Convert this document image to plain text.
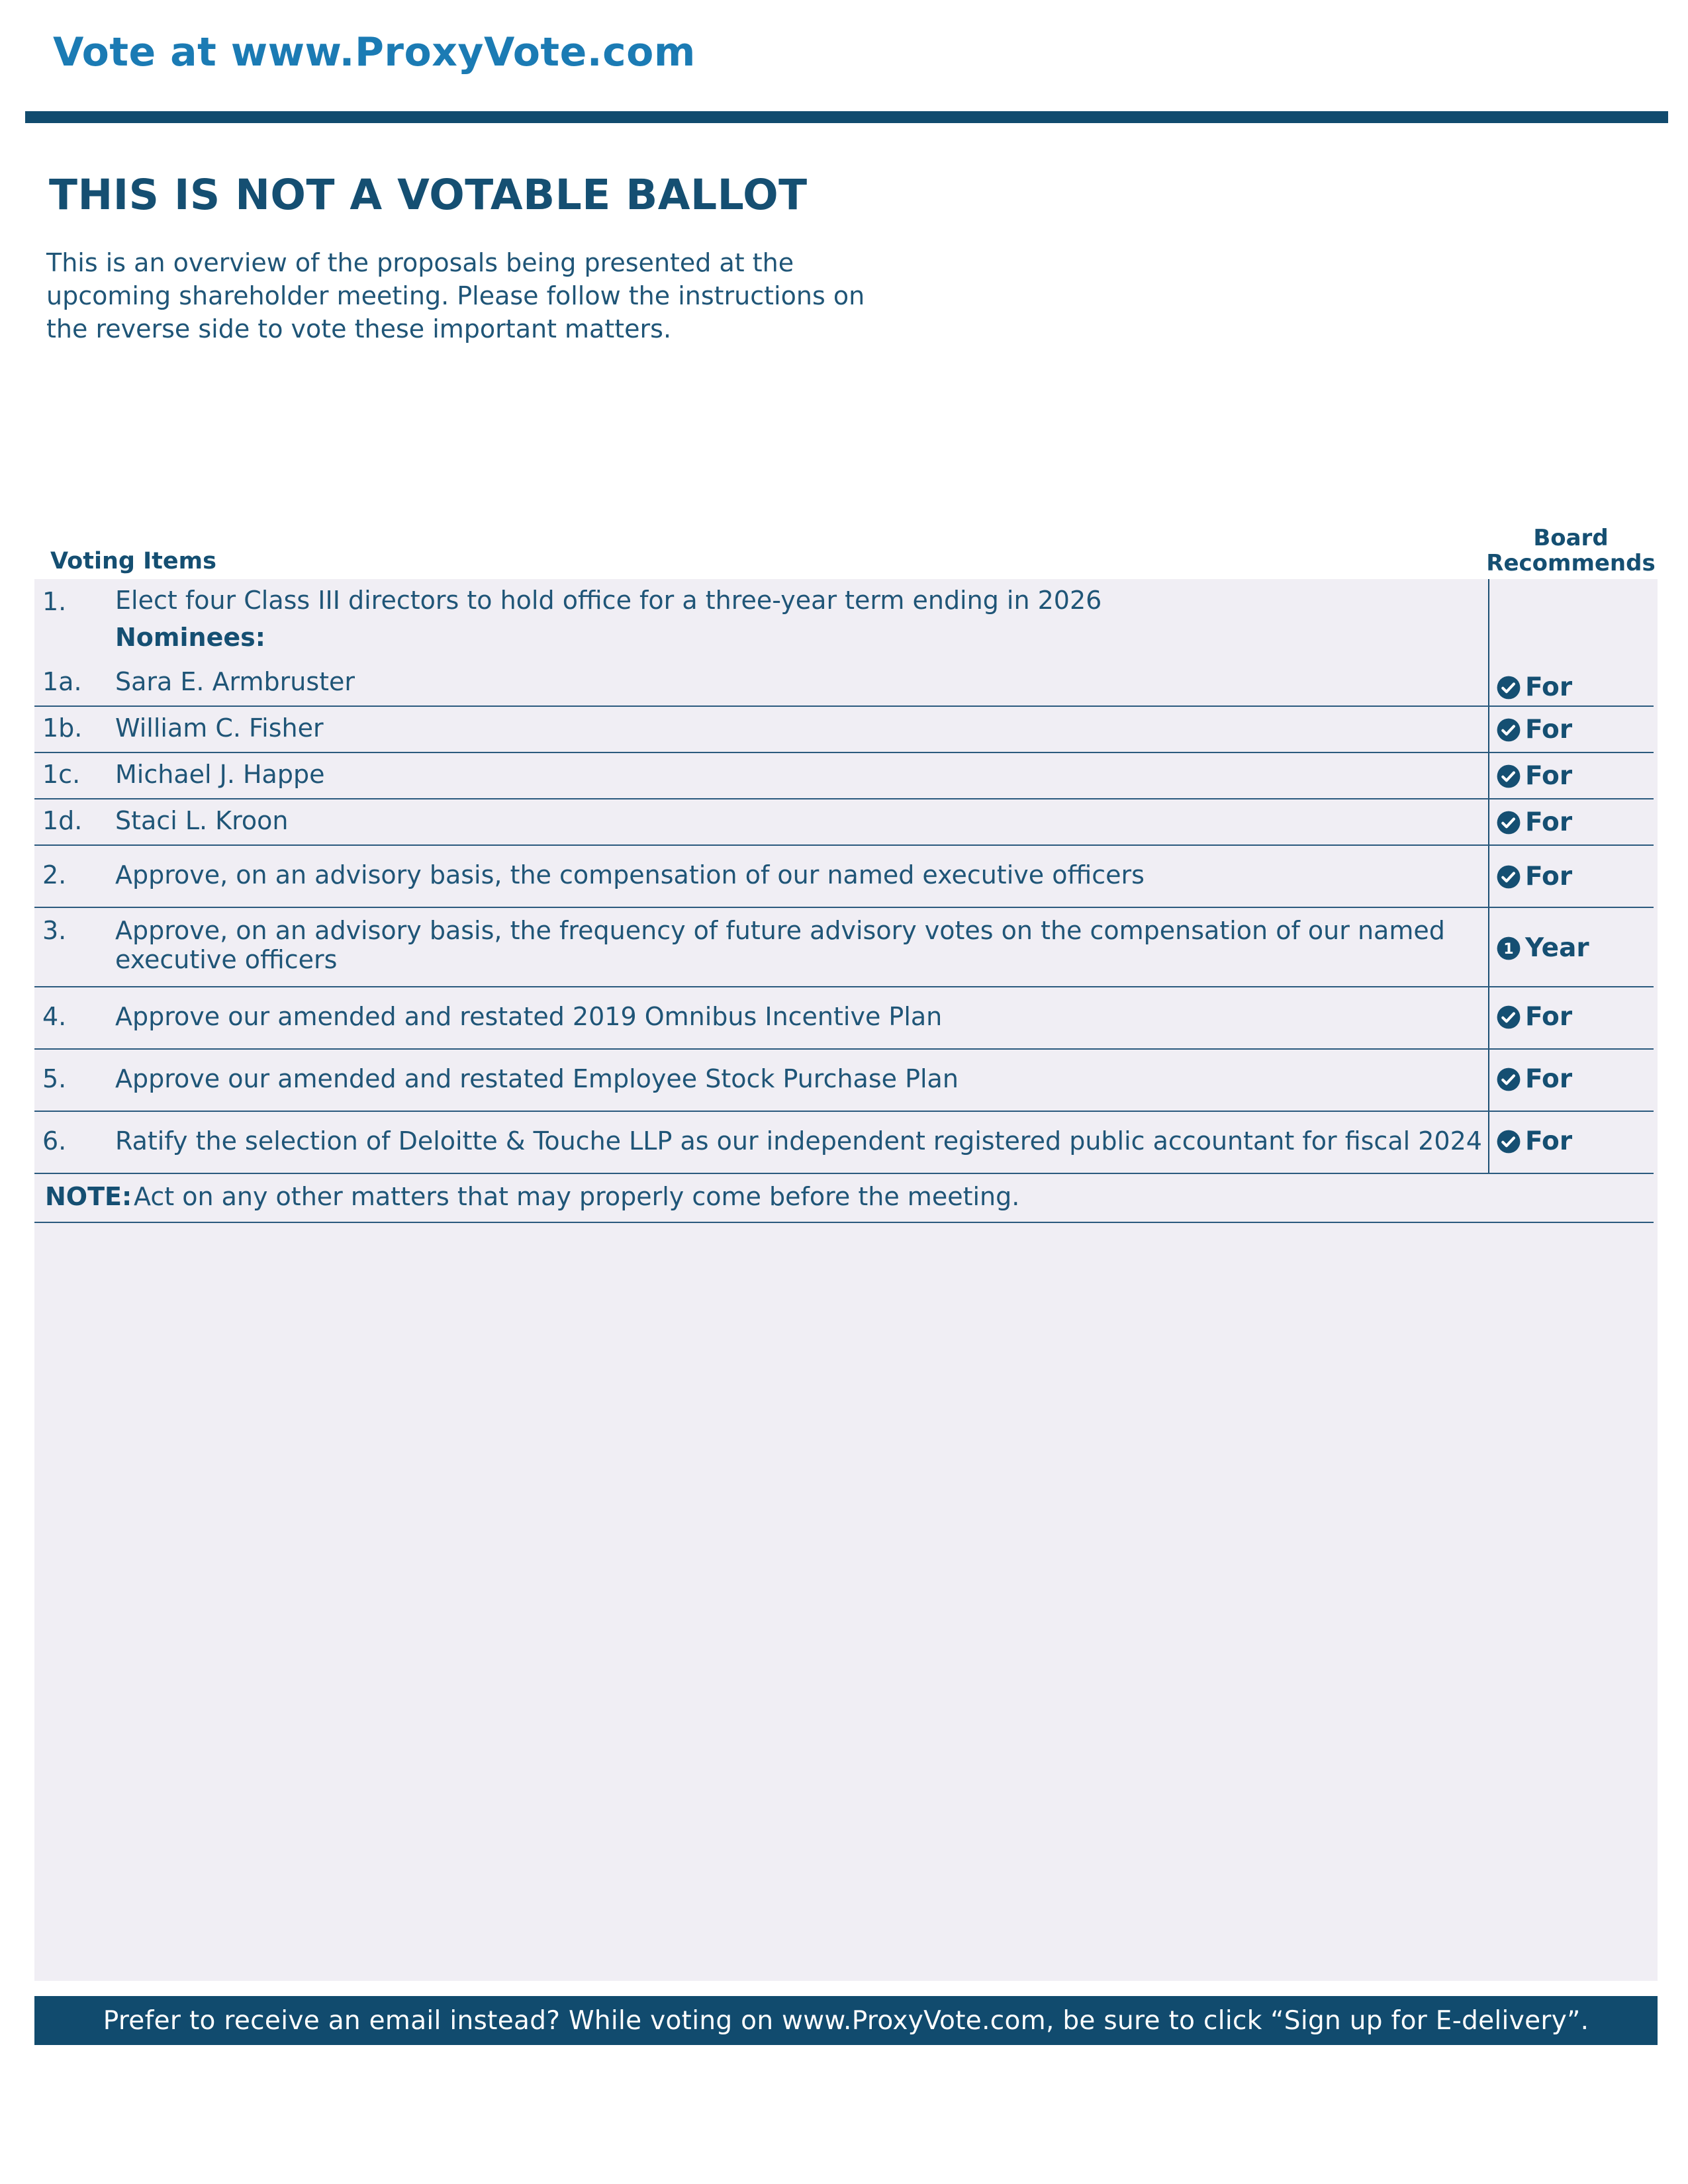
Vote at www.ProxyVote.com
THIS IS NOT A VOTABLE BALLOT
This is an overview of the proposals being presented at the upcoming shareholder meeting. Please follow the instructions on the reverse side to vote these important matters.
Voting Items
Board Recommends
1. Elect four Class III directors to hold office for a three-year term ending in 2026
Nominees:
1a. Sara E. Armbruster	For
1b. William C. Fisher	For
1c. Michael J. Happe	For
1d. Staci L. Kroon	For
2. Approve, on an advisory basis, the compensation of our named executive officers	For
3. Approve, on an advisory basis, the frequency of future advisory votes on the compensation of our named executive officers	1 Year
4. Approve our amended and restated 2019 Omnibus Incentive Plan	For
5. Approve our amended and restated Employee Stock Purchase Plan	For
6. Ratify the selection of Deloitte & Touche LLP as our independent registered public accountant for fiscal 2024	For
NOTE: Act on any other matters that may properly come before the meeting.
Prefer to receive an email instead? While voting on www.ProxyVote.com, be sure to click “Sign up for E-delivery”.
